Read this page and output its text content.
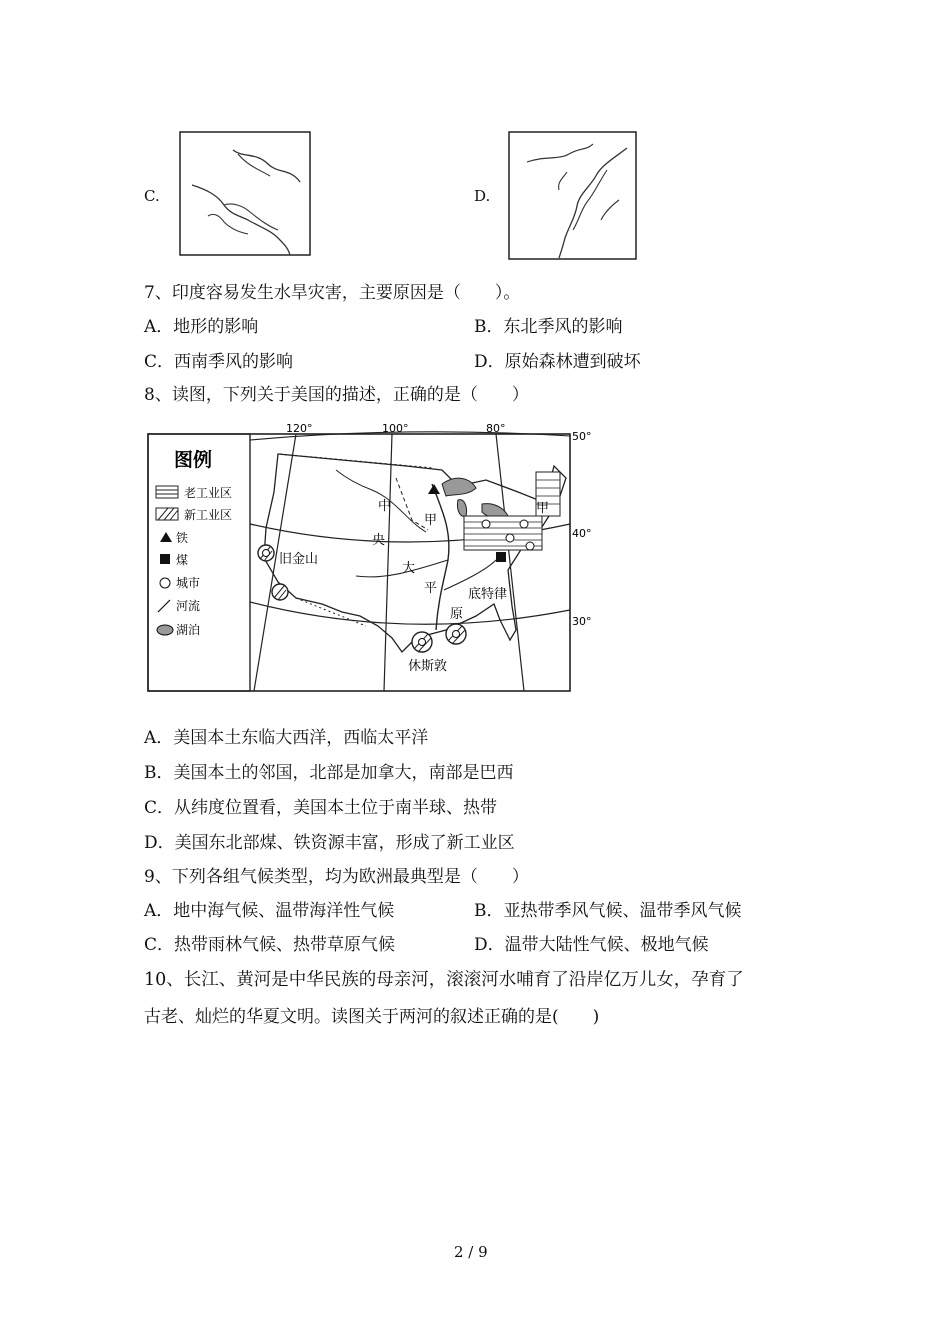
C.	D.
7、印度容易发生水旱灾害，主要原因是（　　）。
A．地形的影响	B．东北季风的影响
C．西南季风的影响	D．原始森林遭到破坏
8、读图，下列关于美国的描述，正确的是（　　）
图例
老工业区
新工业区
铁
煤
城市
河流
湖泊
120°	100°	80°
50°
40°
30°
中
央
大
平
原
甲
甲
旧金山
底特律
休斯敦
A．美国本土东临大西洋，西临太平洋
B．美国本土的邻国，北部是加拿大，南部是巴西
C．从纬度位置看，美国本土位于南半球、热带
D．美国东北部煤、铁资源丰富，形成了新工业区
9、下列各组气候类型，均为欧洲最典型是（　　）
A．地中海气候、温带海洋性气候	B．亚热带季风气候、温带季风气候
C．热带雨林气候、热带草原气候	D．温带大陆性气候、极地气候
10、长江、黄河是中华民族的母亲河，滚滚河水哺育了沿岸亿万儿女，孕育了
古老、灿烂的华夏文明。读图关于两河的叙述正确的是(　　)
2 / 9
